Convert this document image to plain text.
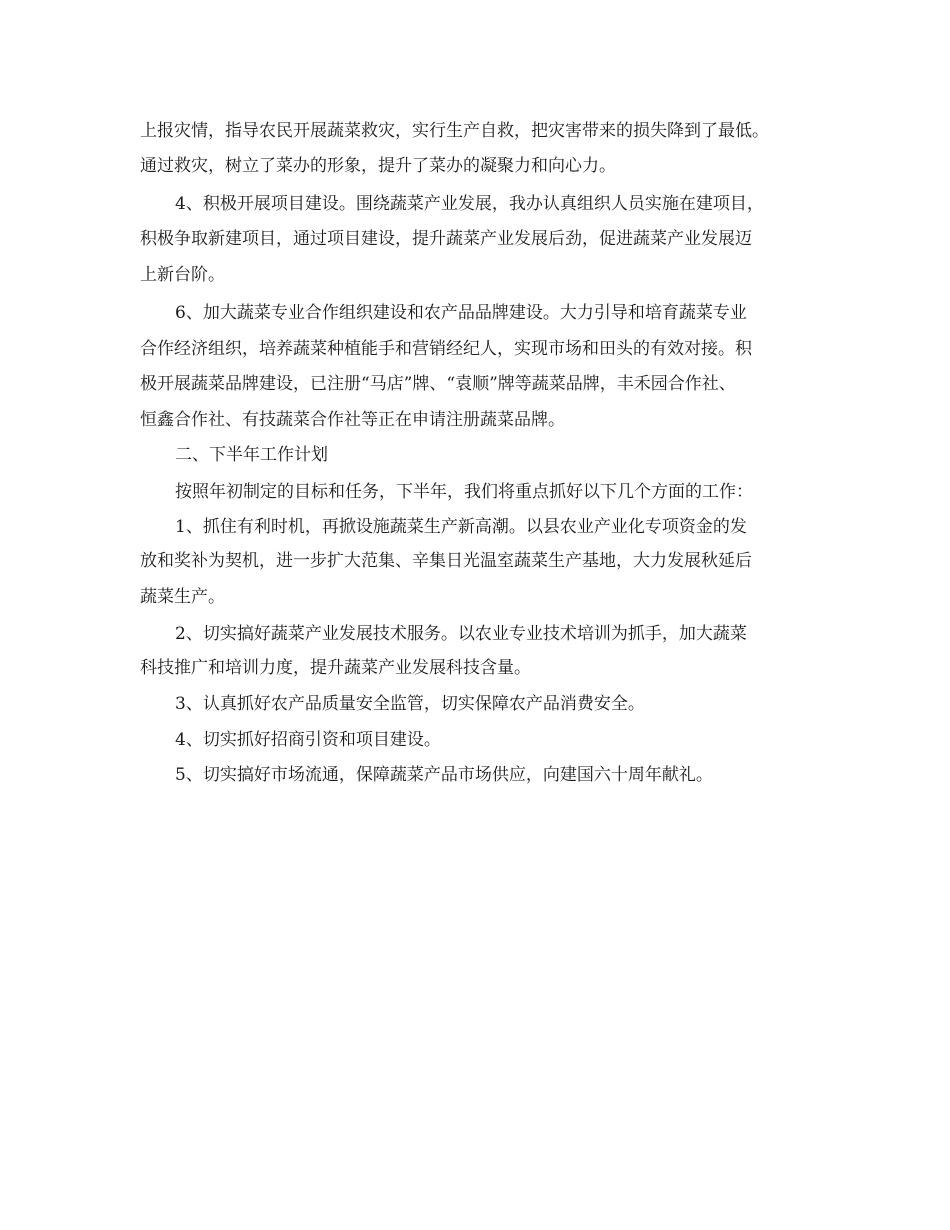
上报灾情，指导农民开展蔬菜救灾，实行生产自救，把灾害带来的损失降到了最低。
通过救灾，树立了菜办的形象，提升了菜办的凝聚力和向心力。
4、积极开展项目建设。围绕蔬菜产业发展，我办认真组织人员实施在建项目，
积极争取新建项目，通过项目建设，提升蔬菜产业发展后劲，促进蔬菜产业发展迈
上新台阶。
6、加大蔬菜专业合作组织建设和农产品品牌建设。大力引导和培育蔬菜专业
合作经济组织，培养蔬菜种植能手和营销经纪人，实现市场和田头的有效对接。积
极开展蔬菜品牌建设，已注册“马店”牌、“袁顺”牌等蔬菜品牌，丰禾园合作社、
恒鑫合作社、有技蔬菜合作社等正在申请注册蔬菜品牌。
二、下半年工作计划
按照年初制定的目标和任务，下半年，我们将重点抓好以下几个方面的工作：
1、抓住有利时机，再掀设施蔬菜生产新高潮。以县农业产业化专项资金的发
放和奖补为契机，进一步扩大范集、辛集日光温室蔬菜生产基地，大力发展秋延后
蔬菜生产。
2、切实搞好蔬菜产业发展技术服务。以农业专业技术培训为抓手，加大蔬菜
科技推广和培训力度，提升蔬菜产业发展科技含量。
3、认真抓好农产品质量安全监管，切实保障农产品消费安全。
4、切实抓好招商引资和项目建设。
5、切实搞好市场流通，保障蔬菜产品市场供应，向建国六十周年献礼。
